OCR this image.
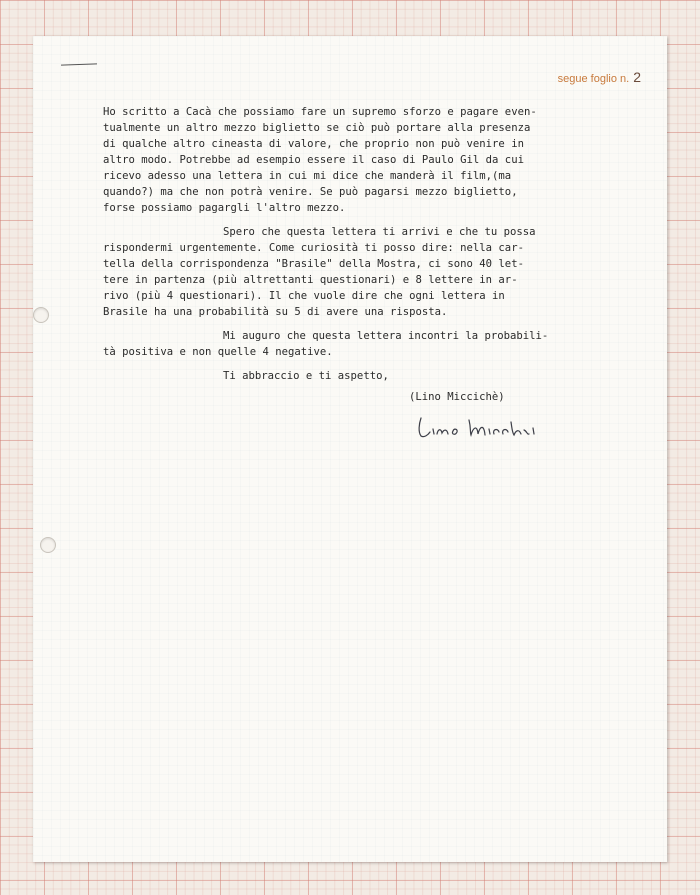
segue foglio n. 2
Ho scritto a Cacà che possiamo fare un supremo sforzo e pagare even-
tualmente un altro mezzo biglietto se ciò può portare alla presenza
di qualche altro cineasta di valore, che proprio non può venire in
altro modo. Potrebbe ad esempio essere il caso di Paulo Gil da cui
ricevo adesso una lettera in cui mi dice che manderà il film,(ma
quando?) ma che non potrà venire. Se può pagarsi mezzo biglietto,
forse possiamo pagargli l'altro mezzo.
Spero che questa lettera ti arrivi e che tu possa
rispondermi urgentemente. Come curiosità ti posso dire: nella car-
tella della corrispondenza "Brasile" della Mostra, ci sono 40 let-
tere in partenza (più altrettanti questionari) e 8 lettere in ar-
rivo (più 4 questionari). Il che vuole dire che ogni lettera in
Brasile ha una probabilità su 5 di avere una risposta.
Mi auguro che questa lettera incontri la probabili-
tà positiva e non quelle 4 negative.
Ti abbraccio e ti aspetto,
(Lino Miccichè)
